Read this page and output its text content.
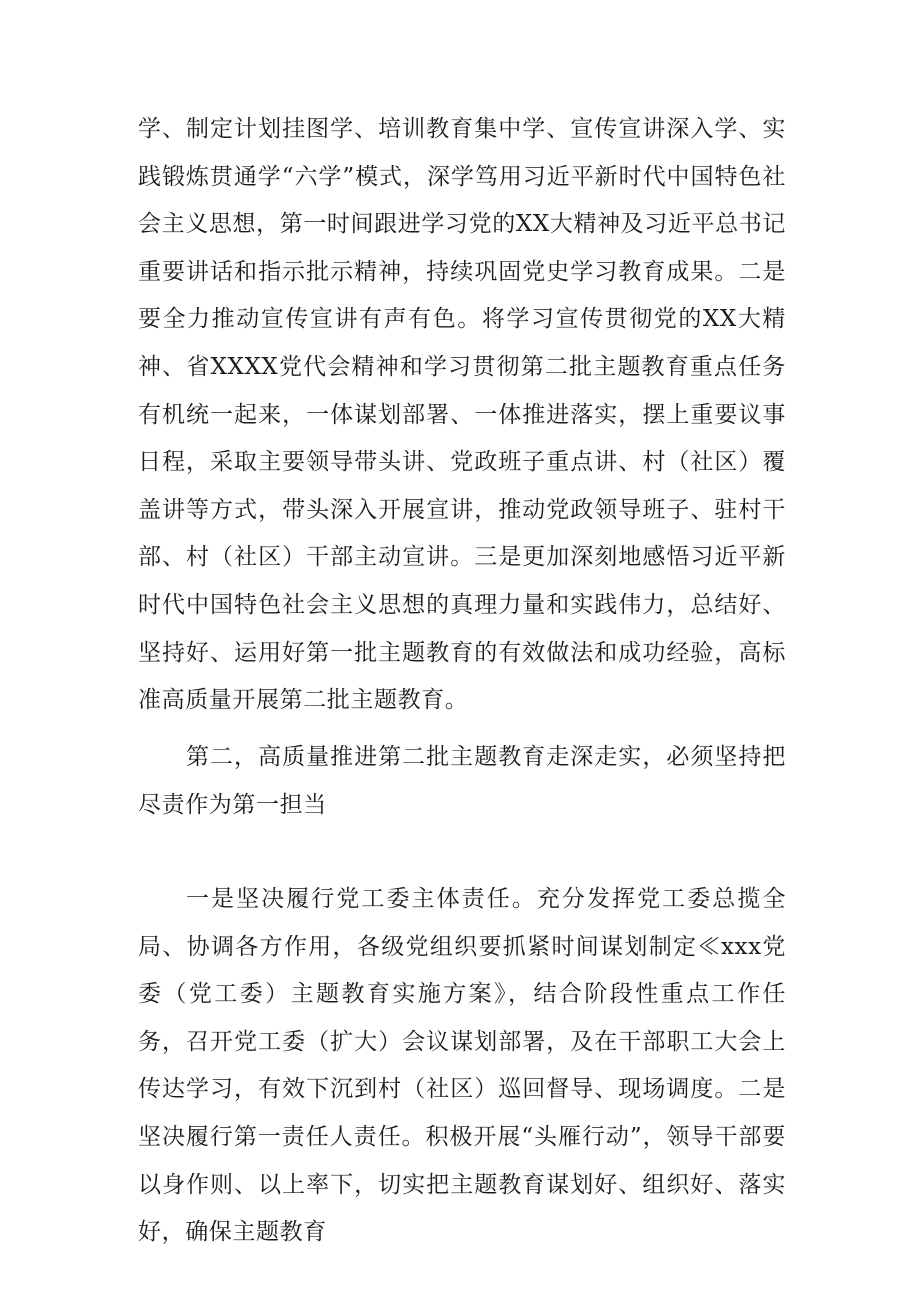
学、制定计划挂图学、培训教育集中学、宣传宣讲深入学、实践锻炼贯通学“六学”模式，深学笃用习近平新时代中国特色社会主义思想，第一时间跟进学习党的XX大精神及习近平总书记重要讲话和指示批示精神，持续巩固党史学习教育成果。二是要全力推动宣传宣讲有声有色。将学习宣传贯彻党的XX大精神、省XXXX党代会精神和学习贯彻第二批主题教育重点任务有机统一起来，一体谋划部署、一体推进落实，摆上重要议事日程，采取主要领导带头讲、党政班子重点讲、村（社区）覆盖讲等方式，带头深入开展宣讲，推动党政领导班子、驻村干部、村（社区）干部主动宣讲。三是更加深刻地感悟习近平新时代中国特色社会主义思想的真理力量和实践伟力，总结好、坚持好、运用好第一批主题教育的有效做法和成功经验，高标准高质量开展第二批主题教育。

第二，高质量推进第二批主题教育走深走实，必须坚持把尽责作为第一担当

一是坚决履行党工委主体责任。充分发挥党工委总揽全局、协调各方作用，各级党组织要抓紧时间谋划制定≪xxx党委（党工委）主题教育实施方案》，结合阶段性重点工作任务，召开党工委（扩大）会议谋划部署，及在干部职工大会上传达学习，有效下沉到村（社区）巡回督导、现场调度。二是坚决履行第一责任人责任。积极开展“头雁行动”，领导干部要以身作则、以上率下，切实把主题教育谋划好、组织好、落实好，确保主题教育
